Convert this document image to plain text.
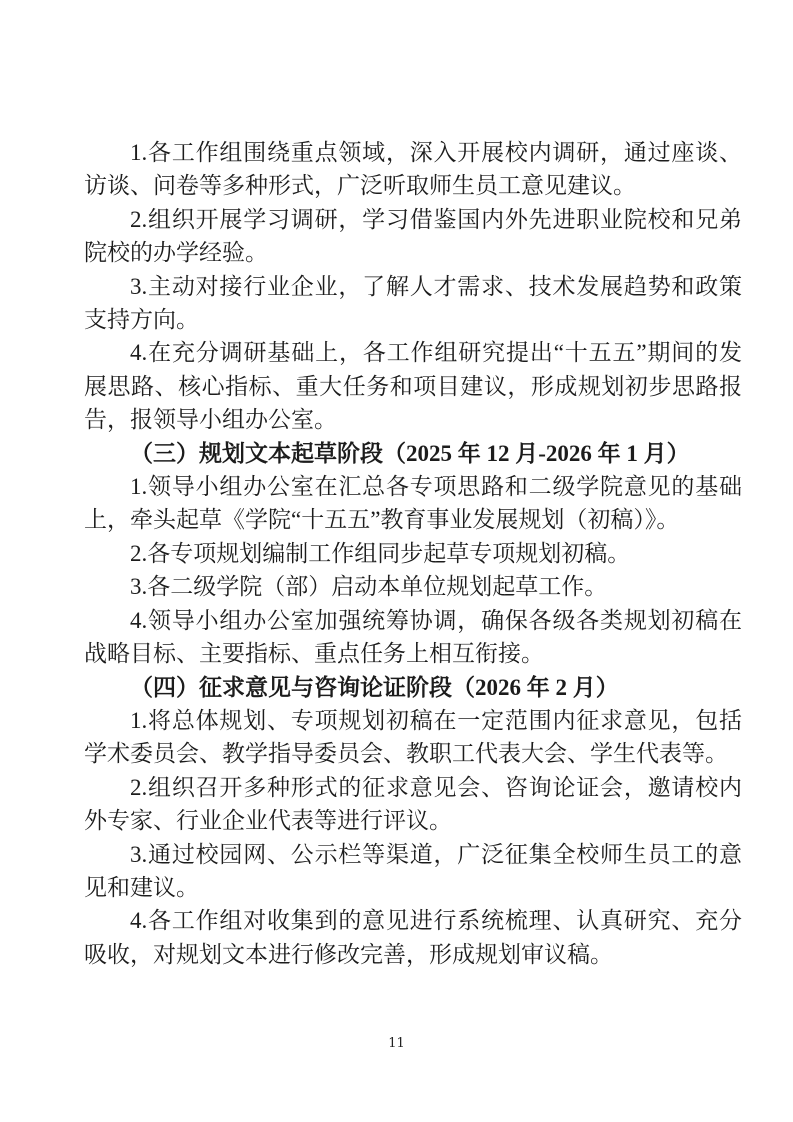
1.各工作组围绕重点领域，深入开展校内调研，通过座谈、访谈、问卷等多种形式，广泛听取师生员工意见建议。

2.组织开展学习调研，学习借鉴国内外先进职业院校和兄弟院校的办学经验。

3.主动对接行业企业，了解人才需求、技术发展趋势和政策支持方向。

4.在充分调研基础上，各工作组研究提出“十五五”期间的发展思路、核心指标、重大任务和项目建议，形成规划初步思路报告，报领导小组办公室。

（三）规划文本起草阶段（2025 年 12 月-2026 年 1 月）

1.领导小组办公室在汇总各专项思路和二级学院意见的基础上，牵头起草《学院“十五五”教育事业发展规划（初稿）》。

2.各专项规划编制工作组同步起草专项规划初稿。

3.各二级学院（部）启动本单位规划起草工作。

4.领导小组办公室加强统筹协调，确保各级各类规划初稿在战略目标、主要指标、重点任务上相互衔接。

（四）征求意见与咨询论证阶段（2026 年 2 月）

1.将总体规划、专项规划初稿在一定范围内征求意见，包括学术委员会、教学指导委员会、教职工代表大会、学生代表等。

2.组织召开多种形式的征求意见会、咨询论证会，邀请校内外专家、行业企业代表等进行评议。

3.通过校园网、公示栏等渠道，广泛征集全校师生员工的意见和建议。

4.各工作组对收集到的意见进行系统梳理、认真研究、充分吸收，对规划文本进行修改完善，形成规划审议稿。

11
